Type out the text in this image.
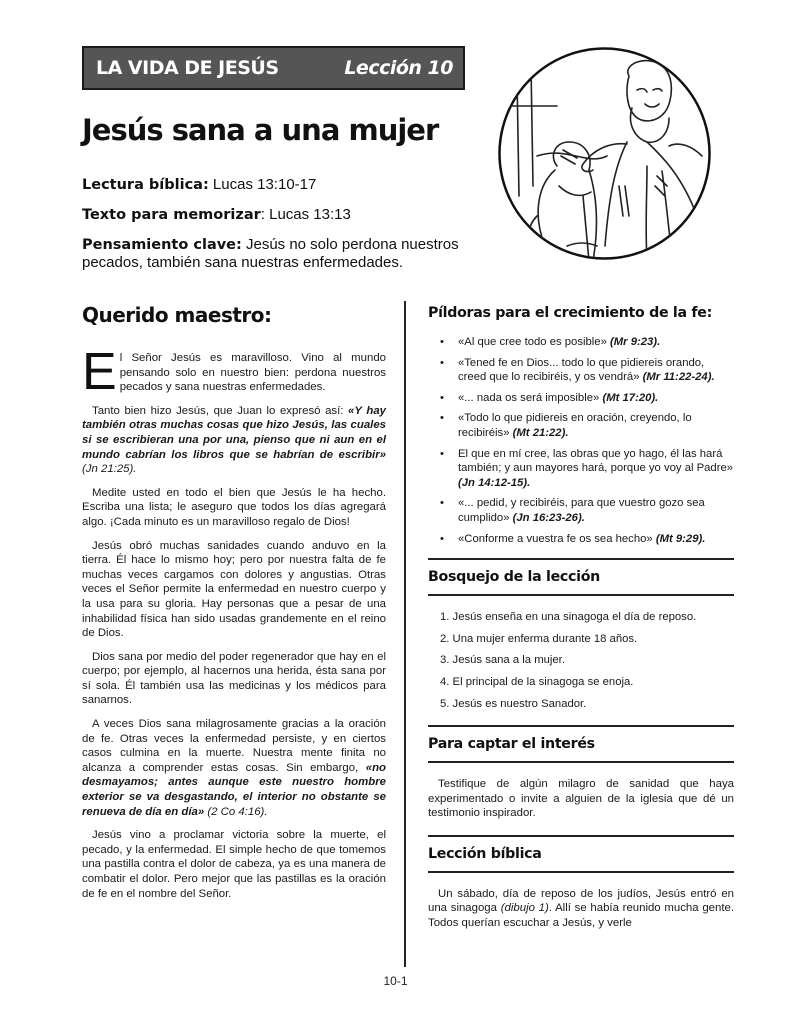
LA VIDA DE JESÚS	Lección 10
Jesús sana a una mujer
Lectura bíblica: Lucas 13:10-17
Texto para memorizar: Lucas 13:13
Pensamiento clave: Jesús no solo perdona nuestros
pecados, también sana nuestras enfermedades.
Querido maestro:

El Señor Jesús es maravilloso. Vino al mundo pensando solo en nuestro bien: perdona nuestros pecados y sana nuestras enfermedades.

Tanto bien hizo Jesús, que Juan lo expresó así: «Y hay también otras muchas cosas que hizo Jesús, las cuales si se escribieran una por una, pienso que ni aun en el mundo cabrían los libros que se habrían de escribir» (Jn 21:25).

Medite usted en todo el bien que Jesús le ha hecho. Escriba una lista; le aseguro que todos los días agregará algo. ¡Cada minuto es un maravilloso regalo de Dios!

Jesús obró muchas sanidades cuando anduvo en la tierra. Él hace lo mismo hoy; pero por nuestra falta de fe muchas veces cargamos con dolores y angustias. Otras veces el Señor permite la enfermedad en nuestro cuerpo y la usa para su gloria. Hay personas que a pesar de una inhabilidad física han sido usadas grandemente en el reino de Dios.

Dios sana por medio del poder regenerador que hay en el cuerpo; por ejemplo, al hacernos una herida, ésta sana por sí sola. Él también usa las medicinas y los médicos para sanarnos.

A veces Dios sana milagrosamente gracias a la oración de fe. Otras veces la enfermedad persiste, y en ciertos casos culmina en la muerte. Nuestra mente finita no alcanza a comprender estas cosas. Sin embargo, «no desmayamos; antes aunque este nuestro hombre exterior se va desgastando, el interior no obstante se renueva de día en día» (2 Co 4:16).

Jesús vino a proclamar victoria sobre la muerte, el pecado, y la enfermedad. El simple hecho de que tomemos una pastilla contra el dolor de cabeza, ya es una manera de combatir el dolor. Pero mejor que las pastillas es la oración de fe en el nombre del Señor.

Píldoras para el crecimiento de la fe:
• «Al que cree todo es posible» (Mr 9:23).
• «Tened fe en Dios... todo lo que pidiereis orando, creed que lo recibiréis, y os vendrá» (Mr 11:22-24).
• «... nada os será imposible» (Mt 17:20).
• «Todo lo que pidiereis en oración, creyendo, lo recibiréis» (Mt 21:22).
• El que en mí cree, las obras que yo hago, él las hará también; y aun mayores hará, porque yo voy al Padre» (Jn 14:12-15).
• «... pedid, y recibiréis, para que vuestro gozo sea cumplido» (Jn 16:23-26).
• «Conforme a vuestra fe os sea hecho» (Mt 9:29).
Bosquejo de la lección
1. Jesús enseña en una sinagoga el día de reposo.
2. Una mujer enferma durante 18 años.
3. Jesús sana a la mujer.
4. El principal de la sinagoga se enoja.
5. Jesús es nuestro Sanador.
Para captar el interés

Testifique de algún milagro de sanidad que haya experimentado o invite a alguien de la iglesia que dé un testimonio inspirador.

Lección bíblica

Un sábado, día de reposo de los judíos, Jesús entró en una sinagoga (dibujo 1). Allí se había reunido mucha gente. Todos querían escuchar a Jesús, y verle

10-1
